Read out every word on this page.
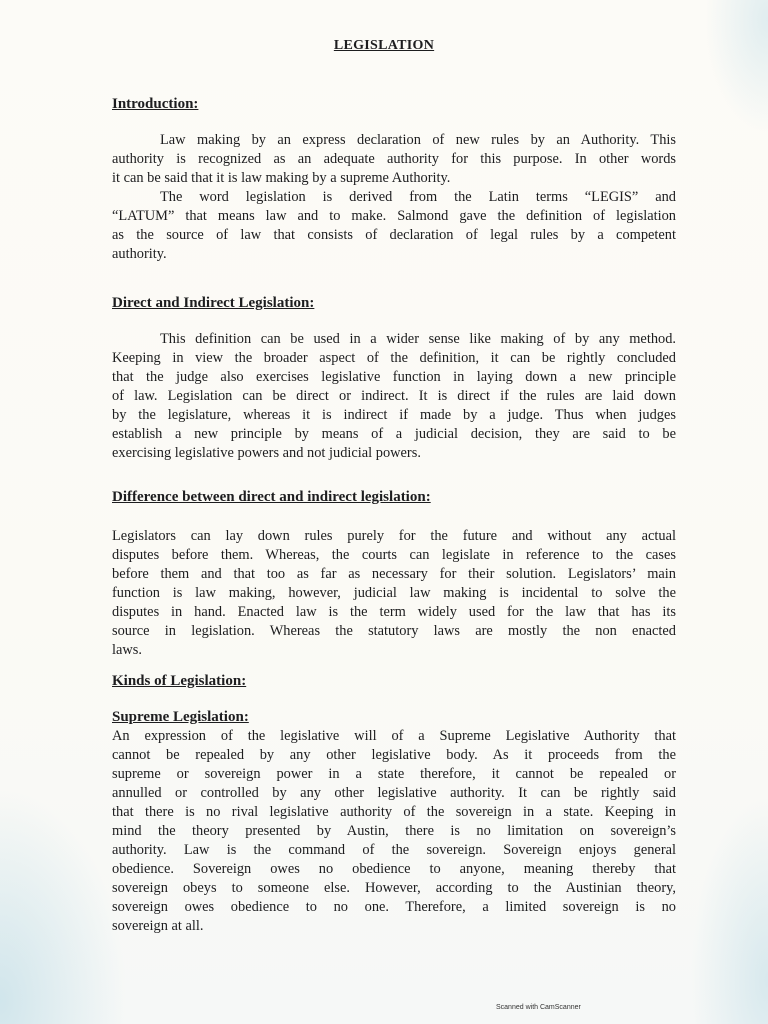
LEGISLATION
Introduction:

Law making by an express declaration of new rules by an Authority. This
authority is recognized as an adequate authority for this purpose. In other words
it can be said that it is law making by a supreme Authority.
The word legislation is derived from the Latin terms “LEGIS” and
“LATUM” that means law and to make. Salmond gave the definition of legislation
as the source of law that consists of declaration of legal rules by a competent
authority.

Direct and Indirect Legislation:

This definition can be used in a wider sense like making of by any method.
Keeping in view the broader aspect of the definition, it can be rightly concluded
that the judge also exercises legislative function in laying down a new principle
of law. Legislation can be direct or indirect. It is direct if the rules are laid down
by the legislature, whereas it is indirect if made by a judge. Thus when judges
establish a new principle by means of a judicial decision, they are said to be
exercising legislative powers and not judicial powers.

Difference between direct and indirect legislation:

Legislators can lay down rules purely for the future and without any actual
disputes before them. Whereas, the courts can legislate in reference to the cases
before them and that too as far as necessary for their solution. Legislators’ main
function is law making, however, judicial law making is incidental to solve the
disputes in hand. Enacted law is the term widely used for the law that has its
source in legislation. Whereas the statutory laws are mostly the non enacted
laws.

Kinds of Legislation:
Supreme Legislation:

An expression of the legislative will of a Supreme Legislative Authority that
cannot be repealed by any other legislative body. As it proceeds from the
supreme or sovereign power in a state therefore, it cannot be repealed or
annulled or controlled by any other legislative authority. It can be rightly said
that there is no rival legislative authority of the sovereign in a state. Keeping in
mind the theory presented by Austin, there is no limitation on sovereign’s
authority. Law is the command of the sovereign. Sovereign enjoys general
obedience. Sovereign owes no obedience to anyone, meaning thereby that
sovereign obeys to someone else. However, according to the Austinian theory,
sovereign owes obedience to no one. Therefore, a limited sovereign is no
sovereign at all.

Scanned with CamScanner
